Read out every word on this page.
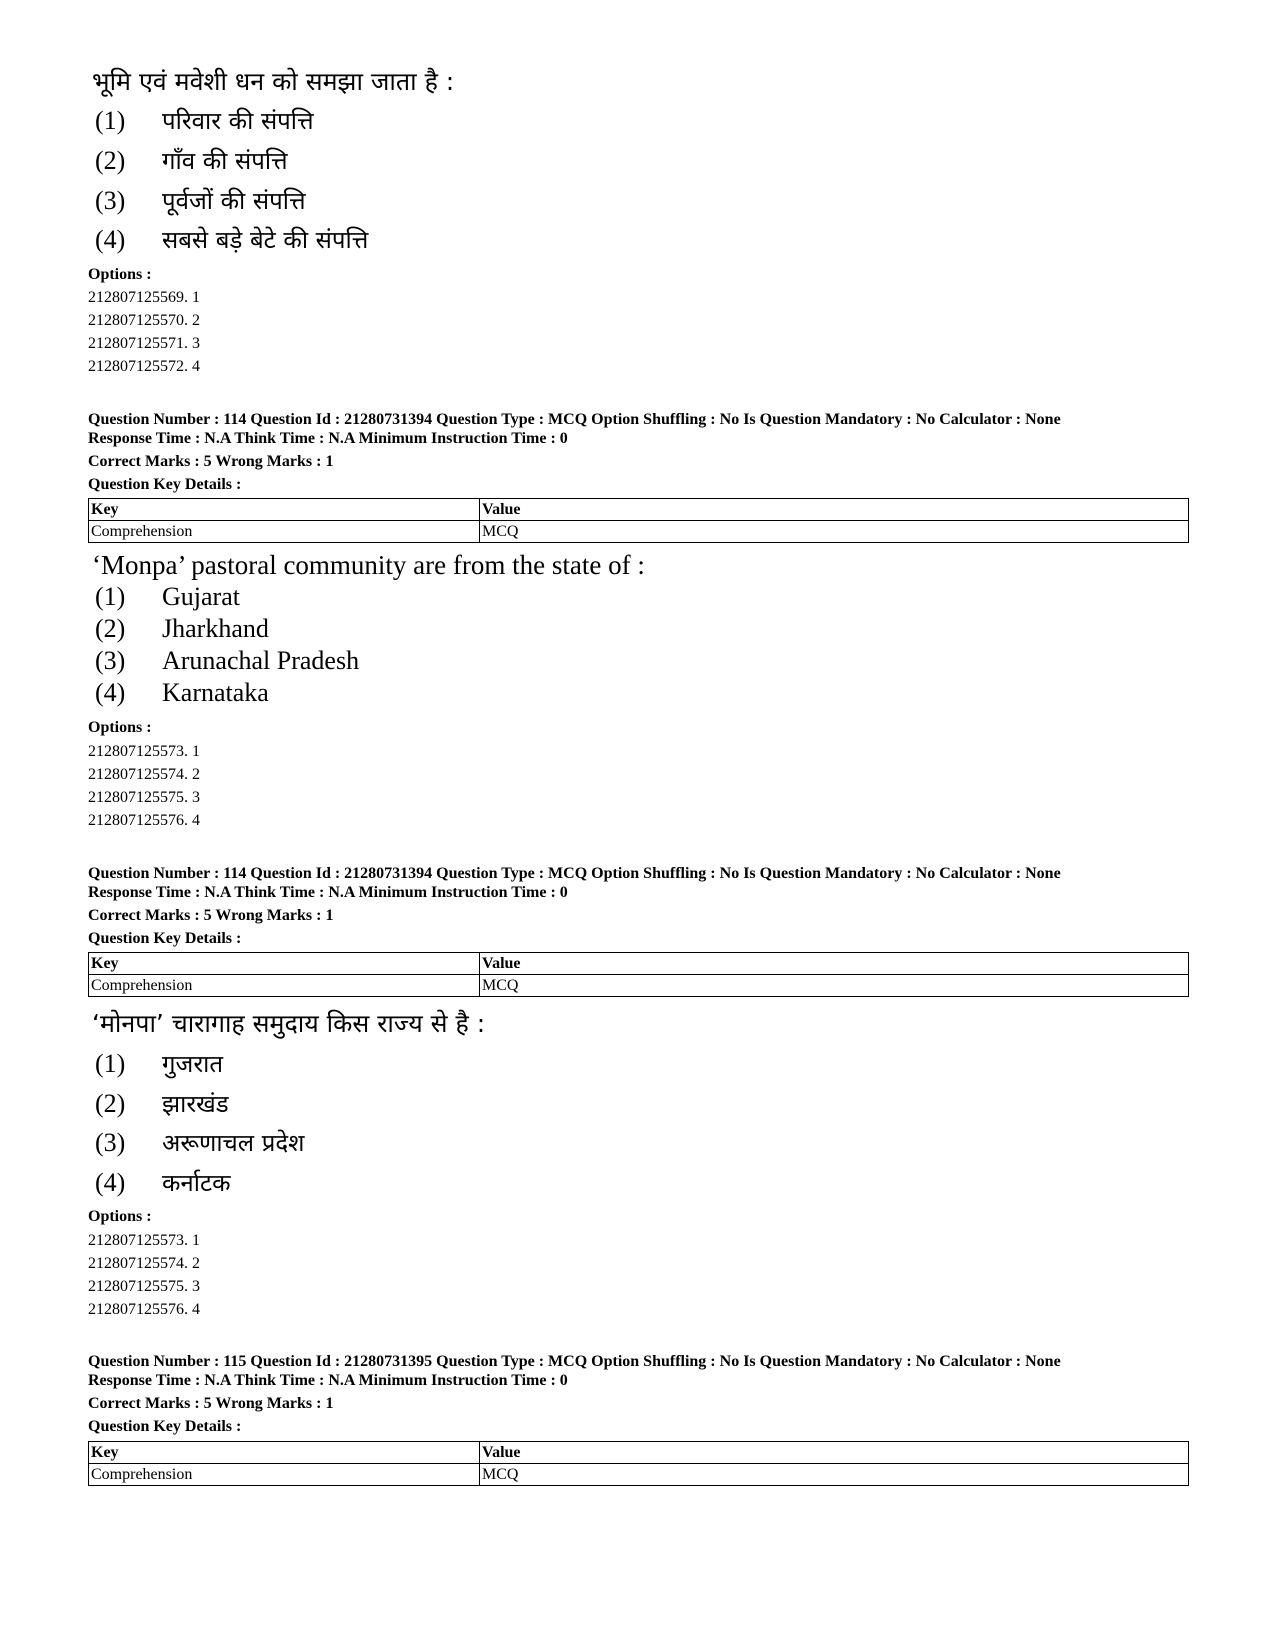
भूमि एवं मवेशी धन को समझा जाता है :
(1) परिवार की संपत्ति
(2) गाँव की संपत्ति
(3) पूर्वजों की संपत्ति
(4) सबसे बड़े बेटे की संपत्ति
Options :
212807125569. 1
212807125570. 2
212807125571. 3
212807125572. 4
Question Number : 114 Question Id : 21280731394 Question Type : MCQ Option Shuffling : No Is Question Mandatory : No Calculator : None
Response Time : N.A Think Time : N.A Minimum Instruction Time : 0
Correct Marks : 5 Wrong Marks : 1
Question Key Details :
Key	Value
Comprehension	MCQ
‘Monpa’ pastoral community are from the state of :
(1) Gujarat
(2) Jharkhand
(3) Arunachal Pradesh
(4) Karnataka
Options :
212807125573. 1
212807125574. 2
212807125575. 3
212807125576. 4
Question Number : 114 Question Id : 21280731394 Question Type : MCQ Option Shuffling : No Is Question Mandatory : No Calculator : None
Response Time : N.A Think Time : N.A Minimum Instruction Time : 0
Correct Marks : 5 Wrong Marks : 1
Question Key Details :
Key	Value
Comprehension	MCQ
‘मोनपा’ चारागाह समुदाय किस राज्य से है :
(1) गुजरात
(2) झारखंड
(3) अरूणाचल प्रदेश
(4) कर्नाटक
Options :
212807125573. 1
212807125574. 2
212807125575. 3
212807125576. 4
Question Number : 115 Question Id : 21280731395 Question Type : MCQ Option Shuffling : No Is Question Mandatory : No Calculator : None
Response Time : N.A Think Time : N.A Minimum Instruction Time : 0
Correct Marks : 5 Wrong Marks : 1
Question Key Details :
Key	Value
Comprehension	MCQ
